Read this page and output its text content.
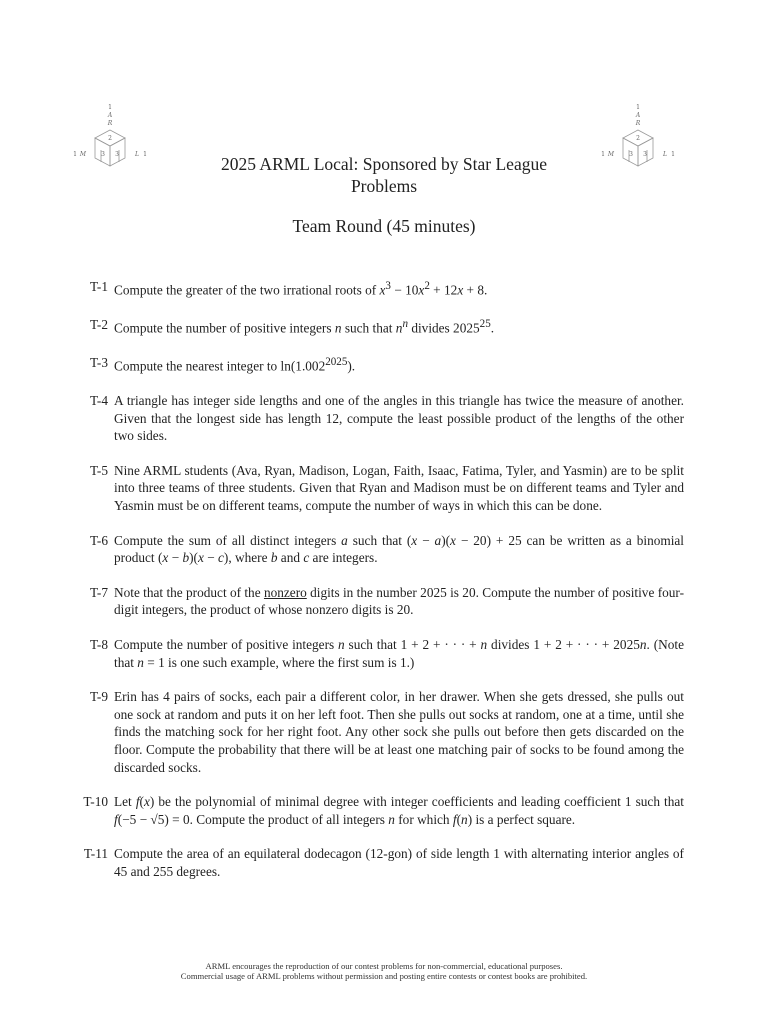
1
A
R
2
3 3
M	L
1	1
1
A
R
2
3 3
M	L
1	1
2025 ARML Local: Sponsored by Star League
Problems
Team Round (45 minutes)
T-1 Compute the greater of the two irrational roots of $x^3 - 10x^2 + 12x + 8$.
T-2 Compute the number of positive integers n such that $n^n$ divides 2025$^{25}$.
T-3 Compute the nearest integer to $\ln(1.002^{2025})$.
T-4 A triangle has integer side lengths and one of the angles in this triangle has twice the measure of another. Given that the longest side has length 12, compute the least possible product of the lengths of the other two sides.
T-5 Nine ARML students (Ava, Ryan, Madison, Logan, Faith, Isaac, Fatima, Tyler, and Yasmin) are to be split into three teams of three students. Given that Ryan and Madison must be on different teams and Tyler and Yasmin must be on different teams, compute the number of ways in which this can be done.
T-6 Compute the sum of all distinct integers a such that (x − a)(x − 20) + 25 can be written as a binomial product (x − b)(x − c), where b and c are integers.
T-7 Note that the product of the nonzero digits in the number 2025 is 20. Compute the number of positive four-digit integers, the product of whose nonzero digits is 20.
T-8 Compute the number of positive integers n such that 1 + 2 + · · · + n divides 1 + 2 + · · · + 2025n. (Note that n = 1 is one such example, where the first sum is 1.)
T-9 Erin has 4 pairs of socks, each pair a different color, in her drawer. When she gets dressed, she pulls out one sock at random and puts it on her left foot. Then she pulls out socks at random, one at a time, until she finds the matching sock for her right foot. Any other sock she pulls out before then gets discarded on the floor. Compute the probability that there will be at least one matching pair of socks to be found among the discarded socks.
T-10 Let f(x) be the polynomial of minimal degree with integer coefficients and leading coefficient 1 such that f(−5 − √5) = 0. Compute the product of all integers n for which f(n) is a perfect square.
T-11 Compute the area of an equilateral dodecagon (12-gon) of side length 1 with alternating interior angles of 45 and 255 degrees.
ARML encourages the reproduction of our contest problems for non-commercial, educational purposes.
Commercial usage of ARML problems without permission and posting entire contests or contest books are prohibited.
